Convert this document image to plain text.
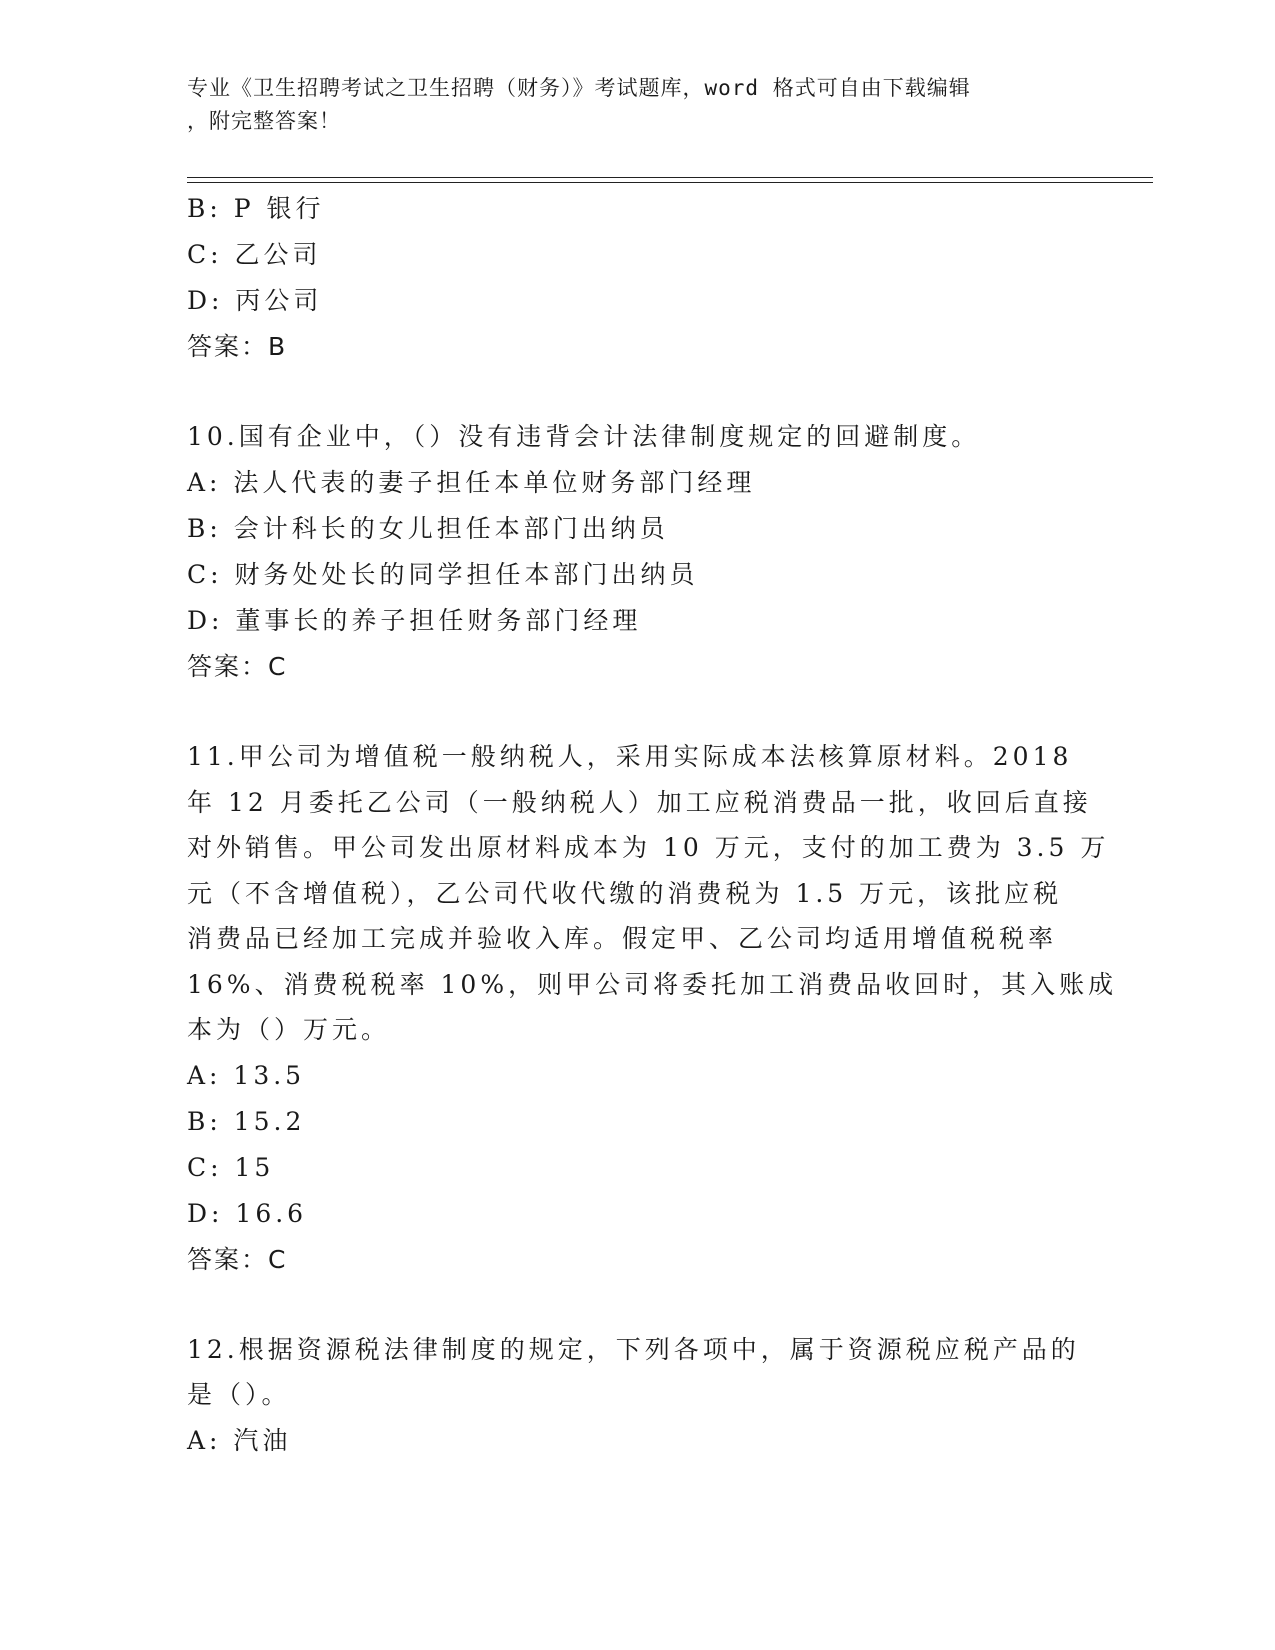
专业《卫生招聘考试之卫生招聘（财务）》考试题库，word 格式可自由下载编辑
，附完整答案！
B: P 银行
C: 乙公司
D: 丙公司
答案：B
10.国有企业中，（）没有违背会计法律制度规定的回避制度。
A: 法人代表的妻子担任本单位财务部门经理
B: 会计科长的女儿担任本部门出纳员
C: 财务处处长的同学担任本部门出纳员
D: 董事长的养子担任财务部门经理
答案：C
11.甲公司为增值税一般纳税人，采用实际成本法核算原材料。2018
年 12 月委托乙公司（一般纳税人）加工应税消费品一批，收回后直接
对外销售。甲公司发出原材料成本为 10 万元，支付的加工费为 3.5 万
元（不含增值税），乙公司代收代缴的消费税为 1.5 万元，该批应税
消费品已经加工完成并验收入库。假定甲、乙公司均适用增值税税率
16%、消费税税率 10%，则甲公司将委托加工消费品收回时，其入账成
本为（）万元。
A: 13.5
B: 15.2
C: 15
D: 16.6
答案：C
12.根据资源税法律制度的规定，下列各项中，属于资源税应税产品的
是（）。
A: 汽油
